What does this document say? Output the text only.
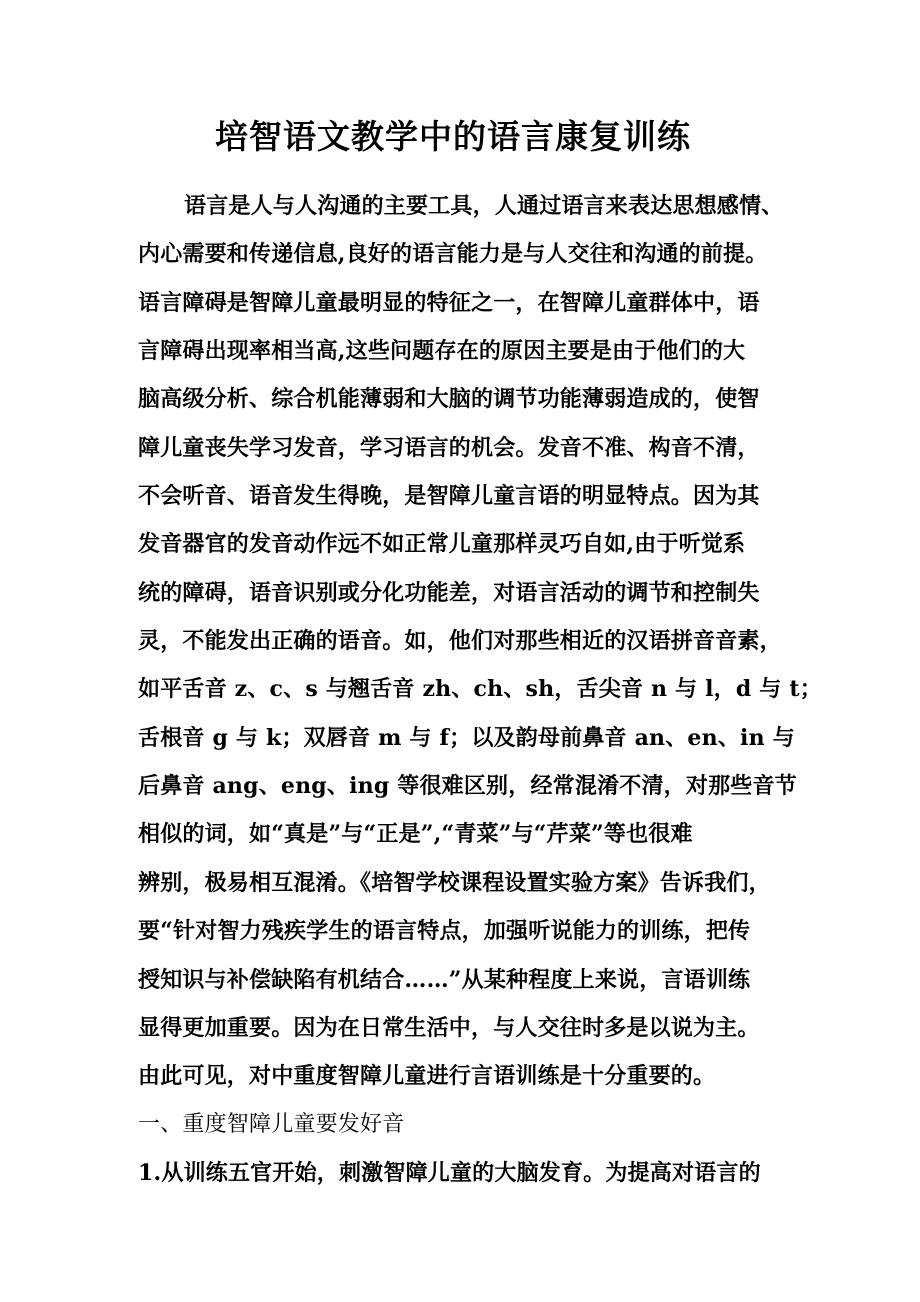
培智语文教学中的语言康复训练
语言是人与人沟通的主要工具，人通过语言来表达思想感情、
内心需要和传递信息,良好的语言能力是与人交往和沟通的前提。
语言障碍是智障儿童最明显的特征之一，在智障儿童群体中，语
言障碍出现率相当高,这些问题存在的原因主要是由于他们的大
脑高级分析、综合机能薄弱和大脑的调节功能薄弱造成的，使智
障儿童丧失学习发音，学习语言的机会。发音不准、构音不清，
不会听音、语音发生得晚，是智障儿童言语的明显特点。因为其
发音器官的发音动作远不如正常儿童那样灵巧自如,由于听觉系
统的障碍，语音识别或分化功能差，对语言活动的调节和控制失
灵，不能发出正确的语音。如，他们对那些相近的汉语拼音音素，
如平舌音 z、c、s 与翘舌音 zh、ch、sh，舌尖音 n 与 l，d 与 t；
舌根音 g 与 k；双唇音 m 与 f；以及韵母前鼻音 an、en、in 与
后鼻音 ang、eng、ing 等很难区别，经常混淆不清，对那些音节
相似的词，如“真是”与“正是”,“青菜”与“芹菜”等也很难
辨别，极易相互混淆。《培智学校课程设置实验方案》告诉我们，
要“针对智力残疾学生的语言特点，加强听说能力的训练，把传
授知识与补偿缺陷有机结合……”从某种程度上来说，言语训练
显得更加重要。因为在日常生活中，与人交往时多是以说为主。
由此可见，对中重度智障儿童进行言语训练是十分重要的。
一、重度智障儿童要发好音
1.从训练五官开始，刺激智障儿童的大脑发育。为提高对语言的
